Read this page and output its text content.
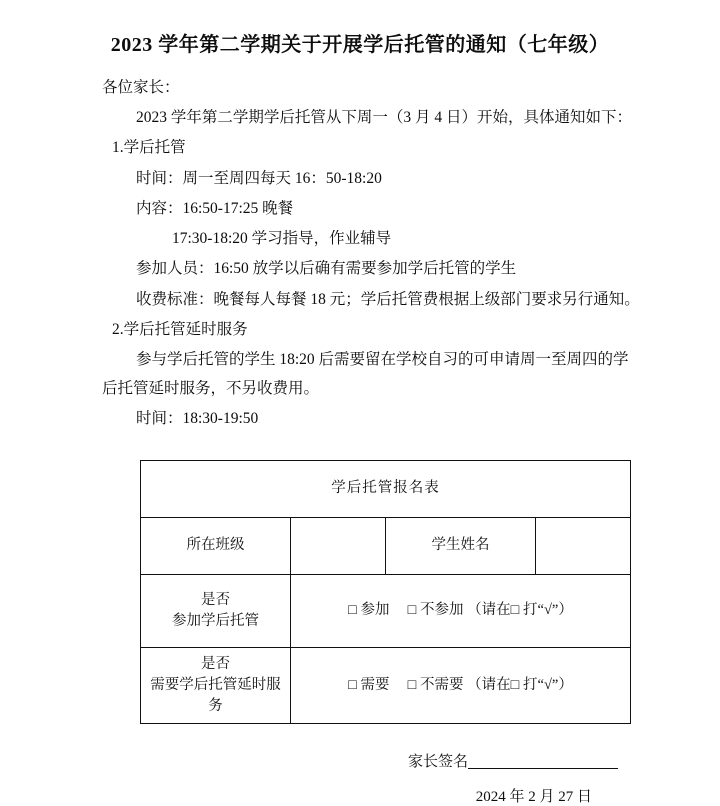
2023 学年第二学期关于开展学后托管的通知（七年级）

各位家长：

2023 学年第二学期学后托管从下周一（3 月 4 日）开始，具体通知如下：

1.学后托管

时间：周一至周四每天 16：50-18:20

内容：16:50-17:25 晚餐

17:30-18:20 学习指导，作业辅导

参加人员：16:50 放学以后确有需要参加学后托管的学生

收费标准：晚餐每人每餐 18 元；学后托管费根据上级部门要求另行通知。

2.学后托管延时服务

参与学后托管的学生 18:20 后需要留在学校自习的可申请周一至周四的学后托管延时服务，不另收费用。

时间：18:30-19:50

学后托管报名表			
所在班级		学生姓名	

是否
参加学后托管	□ 参加　 □ 不参加 （请在□ 打“√”）		

是否
需要学后托管延时服务	□ 需要　 □ 不需要 （请在□ 打“√”）		
家长签名
2024 年 2 月 27 日
